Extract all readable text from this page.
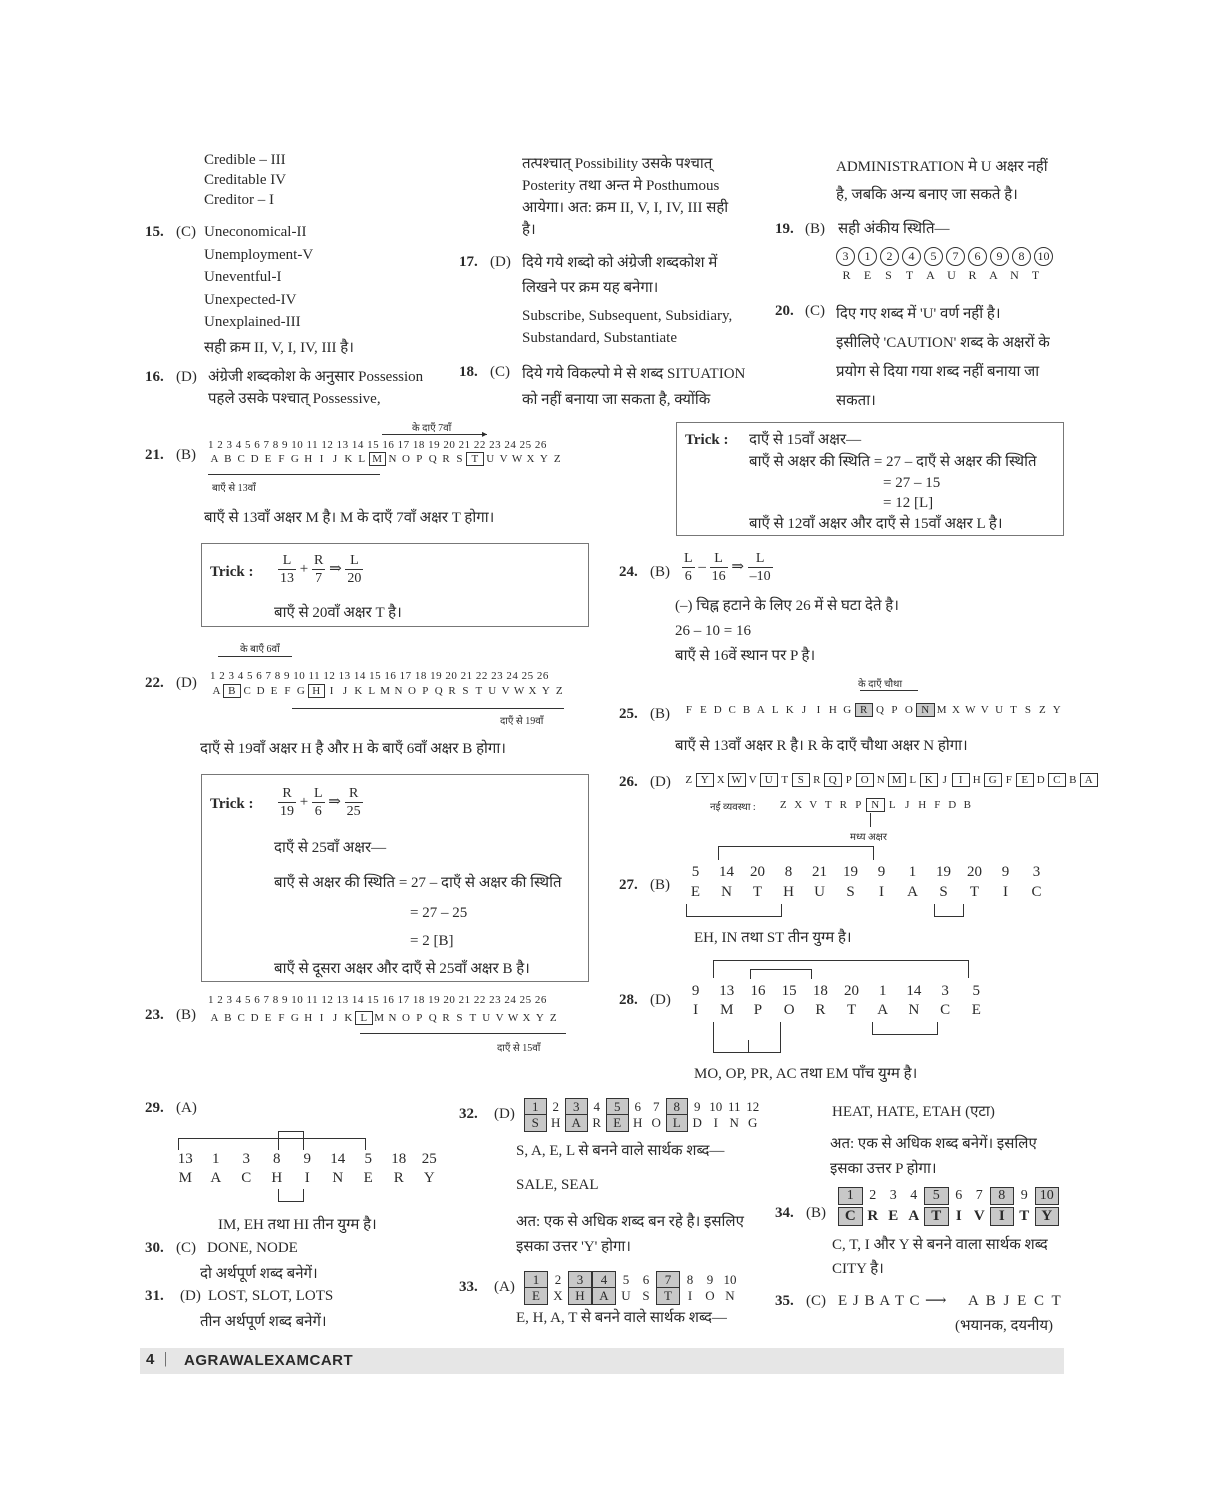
Credible – III
Creditable IV
Creditor – I
15. (C) Uneconomical-II
Unemployment-V
Uneventful-I
Unexpected-IV
Unexplained-III
सही क्रम II, V, I, IV, III है।
16. (D) अंग्रेजी शब्दकोश के अनुसार Possession
पहले उसके पश्चात् Possessive,
तत्पश्चात् Possibility उसके पश्चात्
Posterity तथा अन्त मे Posthumous
आयेगा। अत: क्रम II, V, I, IV, III सही
है।
17. (D) दिये गये शब्दो को अंग्रेजी शब्दकोश में
लिखने पर क्रम यह बनेगा।
Subscribe, Subsequent, Subsidiary,
Substandard, Substantiate
18. (C) दिये गये विकल्पो मे से शब्द SITUATION
को नहीं बनाया जा सकता है, क्योंकि
ADMINISTRATION मे U अक्षर नहीं
है, जबकि अन्य बनाए जा सकते है।
19. (B) सही अंकीय स्थिति—
3 1 2 4 5 7 6 9 8 10
R E S T A U R A N T
20. (C) दिए गए शब्द में 'U' वर्ण नहीं है।
इसीलिऐ 'CAUTION' शब्द के अक्षरों के
प्रयोग से दिया गया शब्द नहीं बनाया जा
सकता।
21. (B)
के दाएँ 7वाँ
▸
1 2 3 4 5 6 7 8 9 10 11 12 13 14 15 16 17 18 19 20 21 22 23 24 25 26
A B C D E F G H I J K L M N O P Q R S T U V W X Y Z
बाएँ से 13वाँ
बाएँ से 13वाँ अक्षर M है। M के दाएँ 7वाँ अक्षर T होगा।
Trick : $\frac{L}{13} + \frac{R}{7}$ ⇒ $\frac{L}{20}$
बाएँ से 20वाँ अक्षर T है।
Trick : दाएँ से 15वाँ अक्षर—
बाएँ से अक्षर की स्थिति = 27 – दाएँ से अक्षर की स्थिति
= 27 – 15
= 12 [L]
बाएँ से 12वाँ अक्षर और दाएँ से 15वाँ अक्षर L है।
22. (D)
के बाएँ 6वाँ
1 2 3 4 5 6 7 8 9 10 11 12 13 14 15 16 17 18 19 20 21 22 23 24 25 26
A B C D E F G H I J K L M N O P Q R S T U V W X Y Z
दाएँ से 19वाँ
दाएँ से 19वाँ अक्षर H है और H के बाएँ 6वाँ अक्षर B होगा।
Trick : $\frac{R}{19} + \frac{L}{6}$ ⇒ $\frac{R}{25}$
दाएँ से 25वाँ अक्षर—
बाएँ से अक्षर की स्थिति = 27 – दाएँ से अक्षर की स्थिति
= 27 – 25
= 2 [B]
बाएँ से दूसरा अक्षर और दाएँ से 25वाँ अक्षर B है।
23. (B)
1 2 3 4 5 6 7 8 9 10 11 12 13 14 15 16 17 18 19 20 21 22 23 24 25 26
A B C D E F G H I J K L M N O P Q R S T U V W X Y Z
दाएँ से 15वाँ
24. $(B) \frac{L}{6} - \frac{L}{16}$ ⇒ $\frac{L}{-10}$
(–) चिह्न हटाने के लिए 26 में से घटा देते है।
26 – 10 = 16
बाएँ से 16वें स्थान पर P है।
25. (B)
के दाएँ चौथा
F E D C B A L K J I H G R Q P O N M X W V U T S Z Y
बाएँ से 13वाँ अक्षर R है। R के दाएँ चौथा अक्षर N होगा।
26. (D)	Z Y X W V U T S R Q P O N M L K J I H G F E D C B A
नई व्यवस्था :	Z X V T R P N L J H F D B
मध्य अक्षर
27. (B)
5 14 20 8 21 19 9 1 19 20 9 3
E N T H U S I A S T I C
EH, IN तथा ST तीन युग्म है।
28. (D)
9 13 16 15 18 20 1 14 3 5
I M P O R T A N C E
MO, OP, PR, AC तथा EM पाँच युग्म है।
29. (A)
13 1 3 8 9 14 5 18 25
M A C H I N E R Y
IM, EH तथा HI तीन युग्म है।
30. (C) DONE, NODE
दो अर्थपूर्ण शब्द बनेगें।
31. (D) LOST, SLOT, LOTS
तीन अर्थपूर्ण शब्द बनेगें।
32. (D)	1 2 3 4 5 6 7 8 9 10 11 12
S H A R E H O L D I N G
S, A, E, L से बनने वाले सार्थक शब्द—
SALE, SEAL
अत: एक से अधिक शब्द बन रहे है। इसलिए
इसका उत्तर 'Y' होगा।
33. (A)	1 2 3 4 5 6 7 8 9 10
E X H A U S T I O N
E, H, A, T से बनने वाले सार्थक शब्द—
HEAT, HATE, ETAH (एटा)
अत: एक से अधिक शब्द बनेगें। इसलिए
इसका उत्तर P होगा।
34. (B)
1 2 3 4 5 6 7 8 9 10
C R E A T I V I T Y
C, T, I और Y से बनने वाला सार्थक शब्द
CITY है।
35. (C) E J B A T C ⟶ A B J E C T
(भयानक, दयनीय)
4 | AGRAWALEXAMCART
